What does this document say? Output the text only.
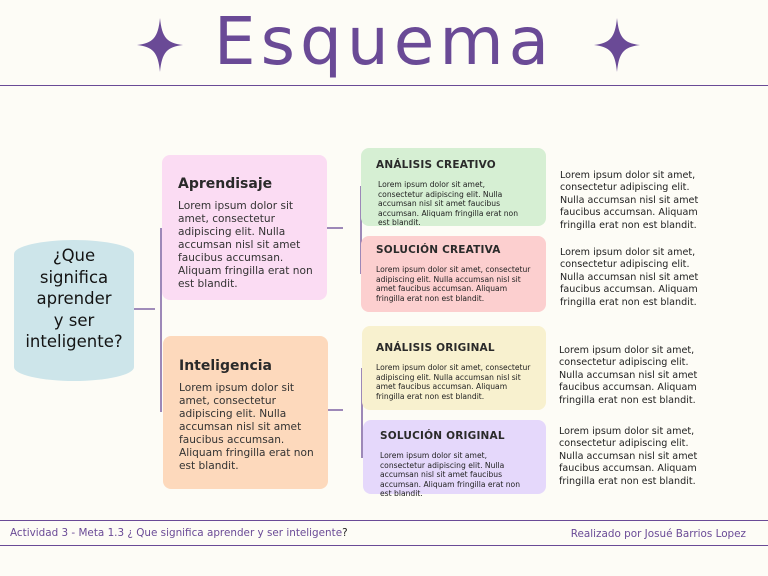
Esquema
¿Que
significa
aprender
y ser
inteligente?
Aprendisaje
Lorem ipsum dolor sit amet, consectetur adipiscing elit. Nulla accumsan nisl sit amet faucibus accumsan. Aliquam fringilla erat non est blandit.
Inteligencia
Lorem ipsum dolor sit amet, consectetur adipiscing elit. Nulla accumsan nisl sit amet faucibus accumsan. Aliquam fringilla erat non est blandit.
ANÁLISIS CREATIVO
Lorem ipsum dolor sit amet, consectetur adipiscing elit. Nulla accumsan nisl sit amet faucibus accumsan. Aliquam fringilla erat non est blandit.
SOLUCIÓN CREATIVA
Lorem ipsum dolor sit amet, consectetur adipiscing elit. Nulla accumsan nisl sit amet faucibus accumsan. Aliquam fringilla erat non est blandit.
ANÁLISIS ORIGINAL
Lorem ipsum dolor sit amet, consectetur adipiscing elit. Nulla accumsan nisl sit amet faucibus accumsan. Aliquam fringilla erat non est blandit.
SOLUCIÓN ORIGINAL
Lorem ipsum dolor sit amet, consectetur adipiscing elit. Nulla accumsan nisl sit amet faucibus accumsan. Aliquam fringilla erat non est blandit.
Lorem ipsum dolor sit amet, consectetur adipiscing elit. Nulla accumsan nisl sit amet faucibus accumsan. Aliquam fringilla erat non est blandit.
Lorem ipsum dolor sit amet, consectetur adipiscing elit. Nulla accumsan nisl sit amet faucibus accumsan. Aliquam fringilla erat non est blandit.
Lorem ipsum dolor sit amet, consectetur adipiscing elit. Nulla accumsan nisl sit amet faucibus accumsan. Aliquam fringilla erat non est blandit.
Lorem ipsum dolor sit amet, consectetur adipiscing elit. Nulla accumsan nisl sit amet faucibus accumsan. Aliquam fringilla erat non est blandit.
Actividad 3 - Meta 1.3 ¿ Que significa aprender y ser inteligente?	Realizado por Josué Barrios Lopez
